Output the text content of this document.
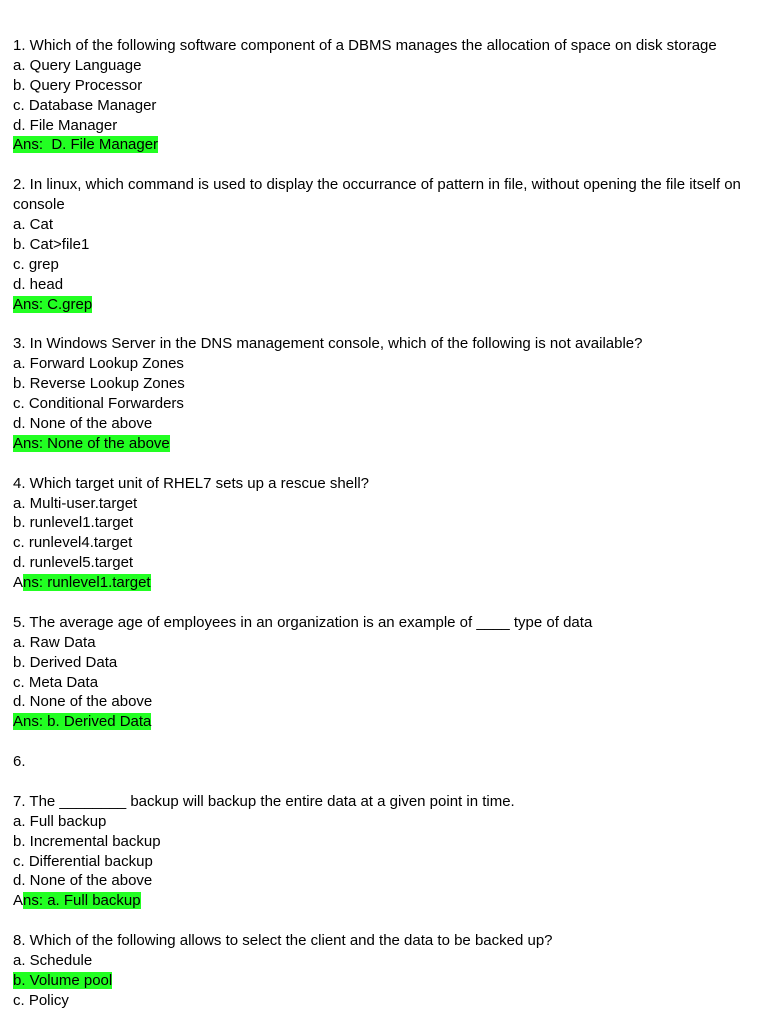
1. Which of the following software component of a DBMS manages the allocation of space on disk storage
a. Query Language
b. Query Processor
c. Database Manager
d. File Manager
Ans:  D. File Manager
2. In linux, which command is used to display the occurrance of pattern in file, without opening the file itself on console
a. Cat
b. Cat>file1
c. grep
d. head
Ans: C.grep
3. In Windows Server in the DNS management console, which of the following is not available?
a. Forward Lookup Zones
b. Reverse Lookup Zones
c. Conditional Forwarders
d. None of the above
Ans: None of the above
4. Which target unit of RHEL7 sets up a rescue shell?
a. Multi-user.target
b. runlevel1.target
c. runlevel4.target
d. runlevel5.target
Ans: runlevel1.target
5. The average age of employees in an organization is an example of ____ type of data
a. Raw Data
b. Derived Data
c. Meta Data
d. None of the above
Ans: b. Derived Data
6.
7. The ________ backup will backup the entire data at a given point in time.
a. Full backup
b. Incremental backup
c. Differential backup
d. None of the above
Ans: a. Full backup
8. Which of the following allows to select the client and the data to be backed up?
a. Schedule
b. Volume pool
c. Policy
